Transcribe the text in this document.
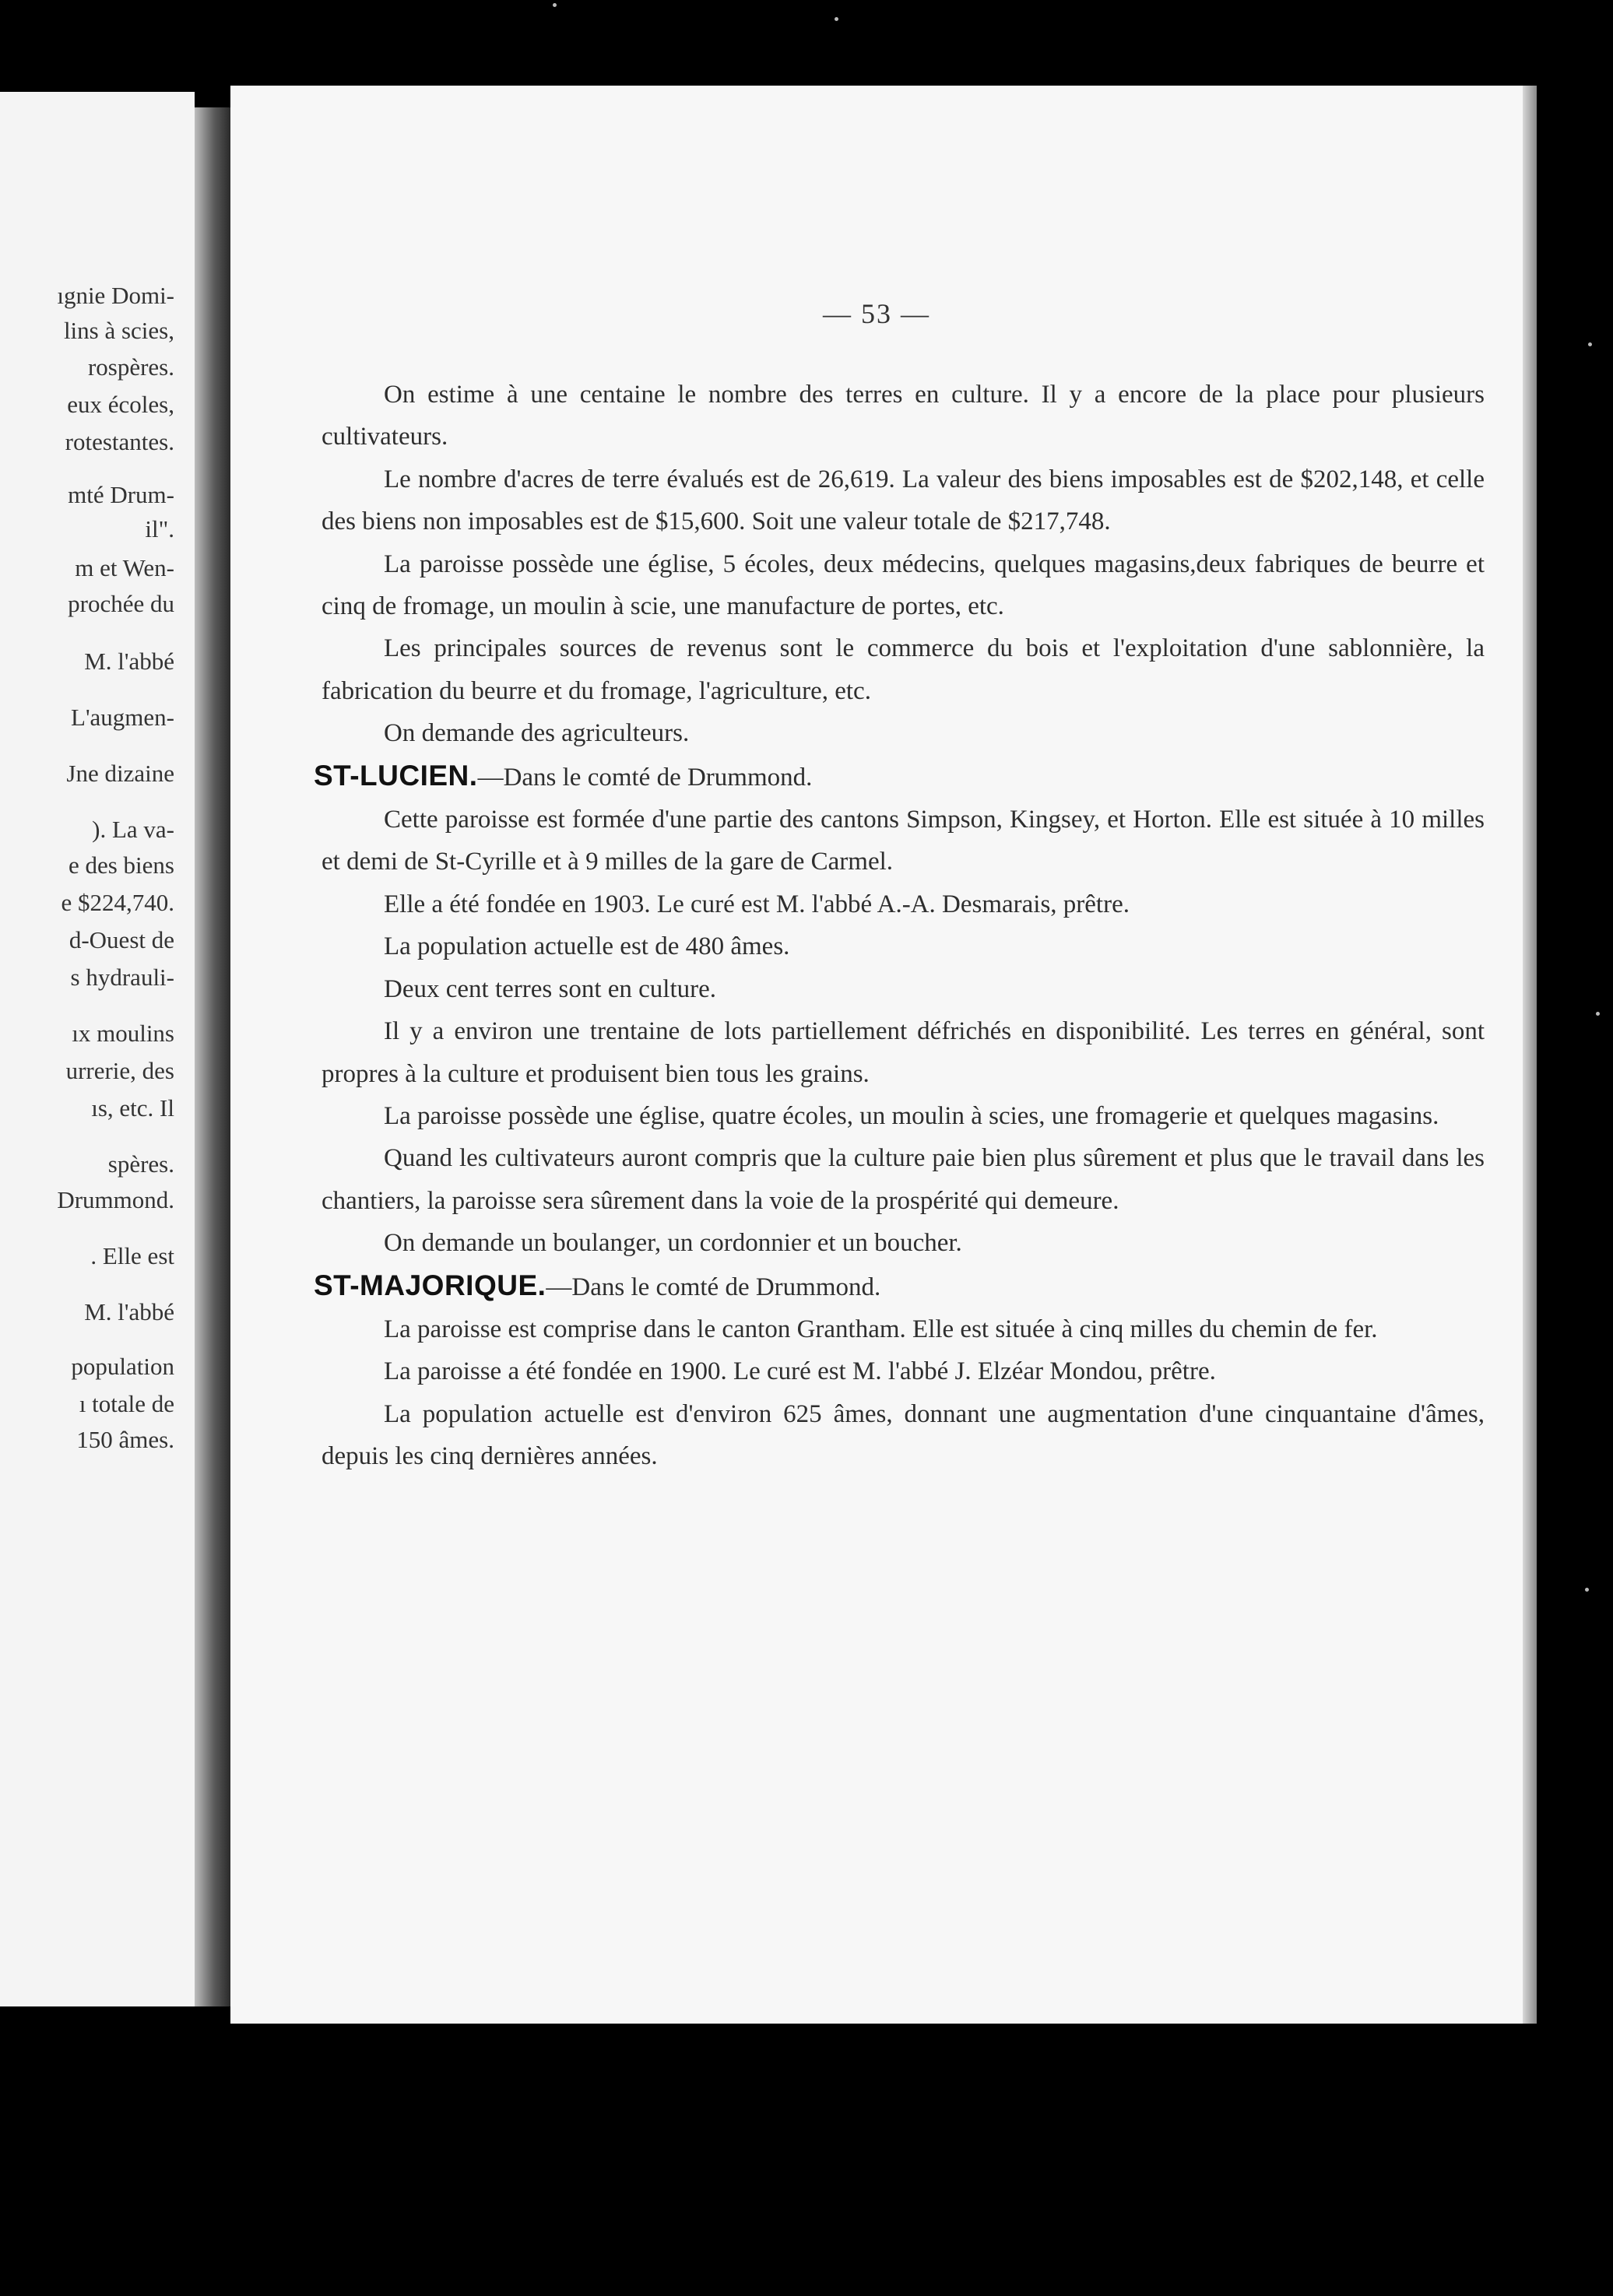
ıgnie Domi-
lins à scies,
rospères.
eux écoles,
rotestantes.
mté Drum-
il".
m et Wen-
prochée du
M. l'abbé
L'augmen-
Jne dizaine
). La va-
e des biens
e $224,740.
d-Ouest de
s hydrauli-
ıx moulins
urrerie, des
ıs, etc. Il
spères.
Drummond.
. Elle est
M. l'abbé
population
ı totale de
150 âmes.
— 53 —

On estime à une centaine le nombre des terres en culture. Il y a encore de la place pour plusieurs cultivateurs.

Le nombre d'acres de terre évalués est de 26,619. La valeur des biens imposables est de $202,148, et celle des biens non imposables est de $15,600. Soit une valeur totale de $217,748.

La paroisse possède une église, 5 écoles, deux médecins, quelques magasins,deux fabriques de beurre et cinq de fromage, un moulin à scie, une manufacture de portes, etc.

Les principales sources de revenus sont le commerce du bois et l'exploitation d'une sablonnière, la fabrication du beurre et du fromage, l'agriculture, etc.

On demande des agriculteurs.

ST-LUCIEN.—Dans le comté de Drummond.

Cette paroisse est formée d'une partie des cantons Simpson, Kingsey, et Horton. Elle est située à 10 milles et demi de St-Cyrille et à 9 milles de la gare de Carmel.

Elle a été fondée en 1903. Le curé est M. l'abbé A.-A. Desmarais, prêtre.

La population actuelle est de 480 âmes.

Deux cent terres sont en culture.

Il y a environ une trentaine de lots partiellement défrichés en disponibilité. Les terres en général, sont propres à la culture et produisent bien tous les grains.

La paroisse possède une église, quatre écoles, un moulin à scies, une fromagerie et quelques magasins.

Quand les cultivateurs auront compris que la culture paie bien plus sûrement et plus que le travail dans les chantiers, la paroisse sera sûrement dans la voie de la prospérité qui demeure.

On demande un boulanger, un cordonnier et un boucher.

ST-MAJORIQUE.—Dans le comté de Drummond.

La paroisse est comprise dans le canton Grantham. Elle est située à cinq milles du chemin de fer.

La paroisse a été fondée en 1900. Le curé est M. l'abbé J. Elzéar Mondou, prêtre.

La population actuelle est d'environ 625 âmes, donnant une augmentation d'une cinquantaine d'âmes, depuis les cinq dernières années.
